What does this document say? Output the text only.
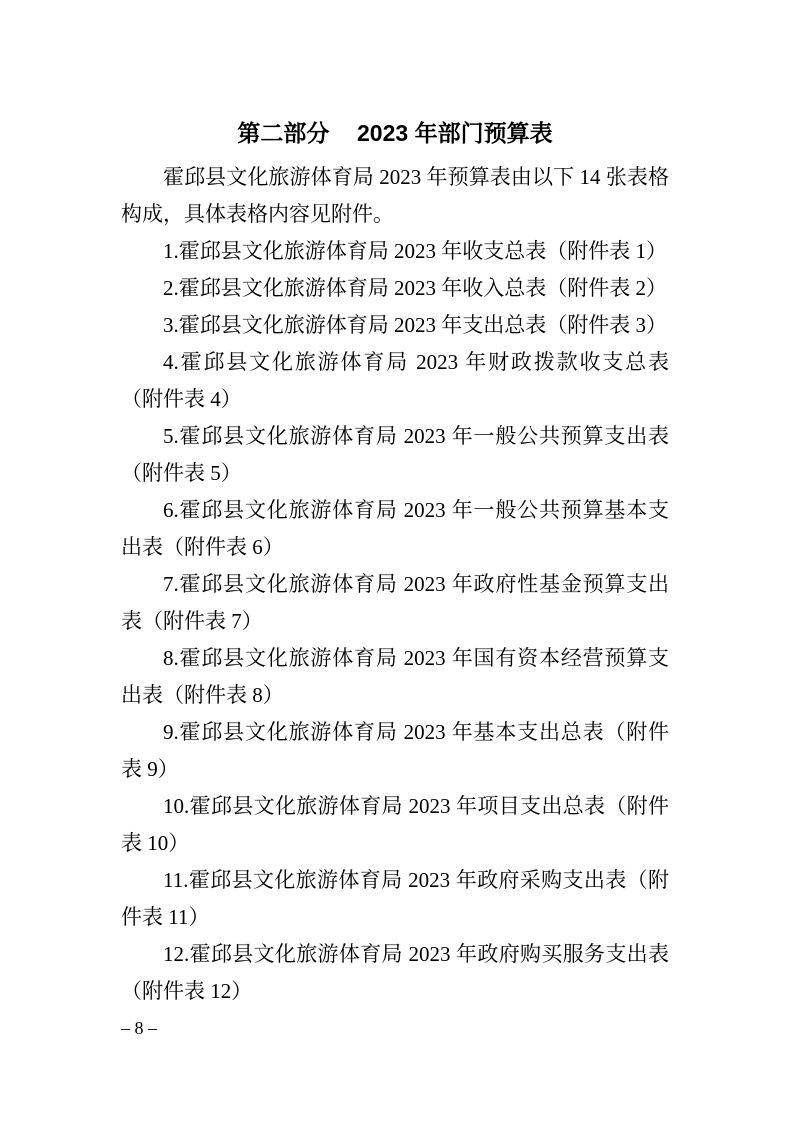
第二部分 2023 年部门预算表

霍邱县文化旅游体育局 2023 年预算表由以下 14 张表格构成，具体表格内容见附件。

1.霍邱县文化旅游体育局 2023 年收支总表（附件表 1）

2.霍邱县文化旅游体育局 2023 年收入总表（附件表 2）

3.霍邱县文化旅游体育局 2023 年支出总表（附件表 3）

4.霍邱县文化旅游体育局 2023 年财政拨款收支总表（附件表 4）

5.霍邱县文化旅游体育局 2023 年一般公共预算支出表（附件表 5）

6.霍邱县文化旅游体育局 2023 年一般公共预算基本支出表（附件表 6）

7.霍邱县文化旅游体育局 2023 年政府性基金预算支出表（附件表 7）

8.霍邱县文化旅游体育局 2023 年国有资本经营预算支出表（附件表 8）

9.霍邱县文化旅游体育局 2023 年基本支出总表（附件表 9）

10.霍邱县文化旅游体育局 2023 年项目支出总表（附件表 10）

11.霍邱县文化旅游体育局 2023 年政府采购支出表（附件表 11）

12.霍邱县文化旅游体育局 2023 年政府购买服务支出表（附件表 12）

– 8 –
